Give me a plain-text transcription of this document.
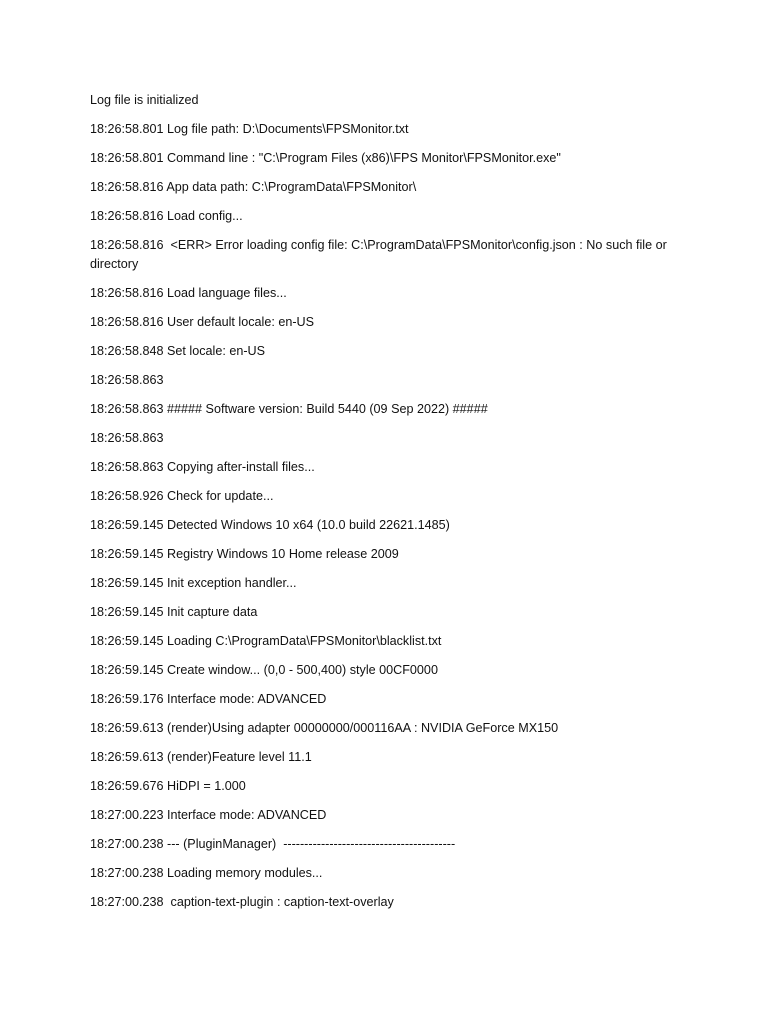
Log file is initialized
18:26:58.801 Log file path: D:\Documents\FPSMonitor.txt
18:26:58.801 Command line : "C:\Program Files (x86)\FPS Monitor\FPSMonitor.exe"
18:26:58.816 App data path: C:\ProgramData\FPSMonitor\
18:26:58.816 Load config...
18:26:58.816  <ERR> Error loading config file: C:\ProgramData\FPSMonitor\config.json : No such file or directory
18:26:58.816 Load language files...
18:26:58.816 User default locale: en-US
18:26:58.848 Set locale: en-US
18:26:58.863
18:26:58.863 ##### Software version: Build 5440 (09 Sep 2022) #####
18:26:58.863
18:26:58.863 Copying after-install files...
18:26:58.926 Check for update...
18:26:59.145 Detected Windows 10 x64 (10.0 build 22621.1485)
18:26:59.145 Registry Windows 10 Home release 2009
18:26:59.145 Init exception handler...
18:26:59.145 Init capture data
18:26:59.145 Loading C:\ProgramData\FPSMonitor\blacklist.txt
18:26:59.145 Create window... (0,0 - 500,400) style 00CF0000
18:26:59.176 Interface mode: ADVANCED
18:26:59.613 (render)Using adapter 00000000/000116AA : NVIDIA GeForce MX150
18:26:59.613 (render)Feature level 11.1
18:26:59.676 HiDPI = 1.000
18:27:00.223 Interface mode: ADVANCED
18:27:00.238 --- (PluginManager)  -----------------------------------------
18:27:00.238 Loading memory modules...
18:27:00.238  caption-text-plugin : caption-text-overlay
